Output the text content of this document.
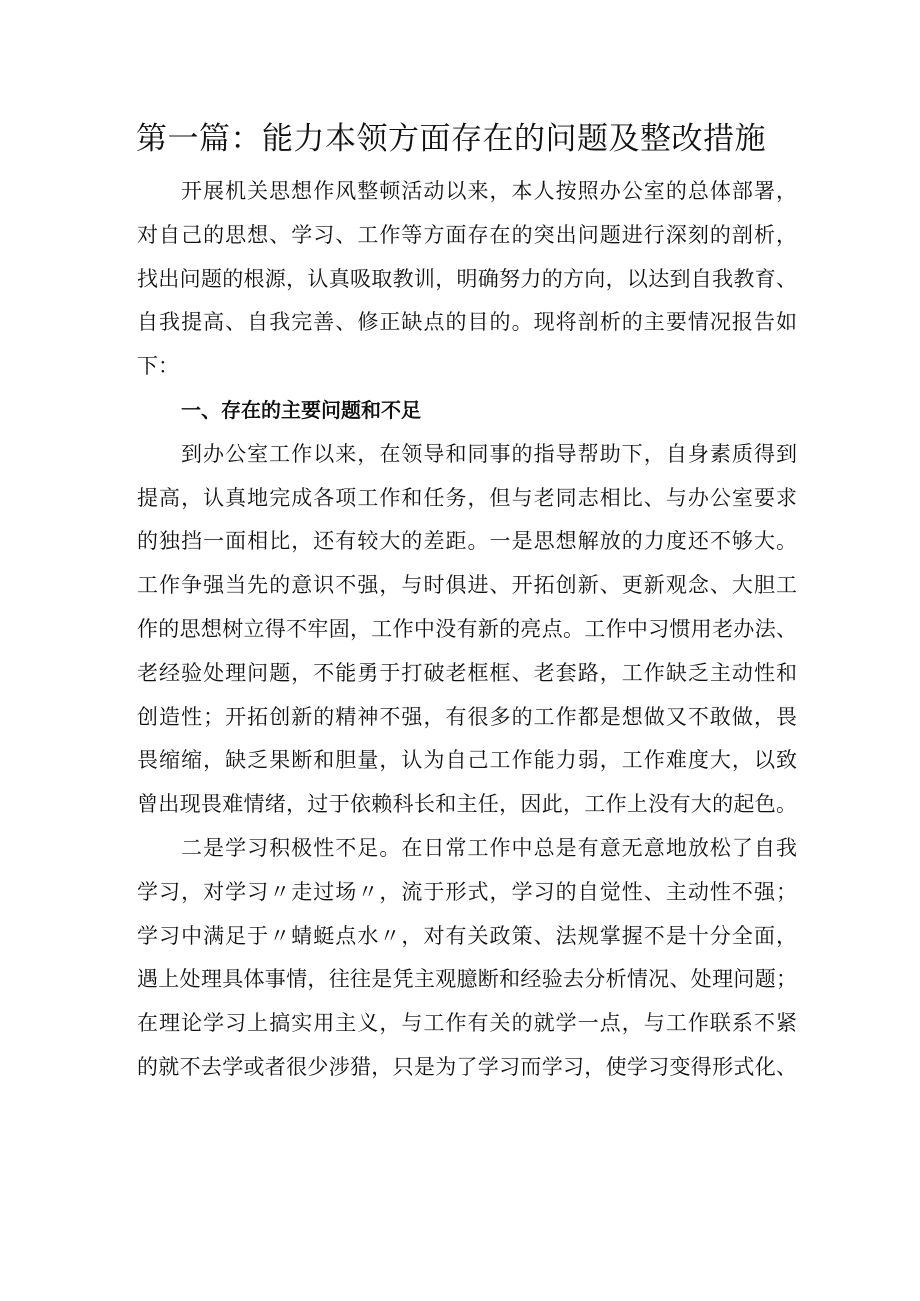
第一篇：能力本领方面存在的问题及整改措施
开展机关思想作风整顿活动以来，本人按照办公室的总体部署，
对自己的思想、学习、工作等方面存在的突出问题进行深刻的剖析，
找出问题的根源，认真吸取教训，明确努力的方向，以达到自我教育、
自我提高、自我完善、修正缺点的目的。现将剖析的主要情况报告如
下：
一、存在的主要问题和不足
到办公室工作以来，在领导和同事的指导帮助下，自身素质得到
提高，认真地完成各项工作和任务，但与老同志相比、与办公室要求
的独挡一面相比，还有较大的差距。一是思想解放的力度还不够大。
工作争强当先的意识不强，与时俱进、开拓创新、更新观念、大胆工
作的思想树立得不牢固，工作中没有新的亮点。工作中习惯用老办法、
老经验处理问题，不能勇于打破老框框、老套路，工作缺乏主动性和
创造性；开拓创新的精神不强，有很多的工作都是想做又不敢做，畏
畏缩缩，缺乏果断和胆量，认为自己工作能力弱，工作难度大，以致
曾出现畏难情绪，过于依赖科长和主任，因此，工作上没有大的起色。
二是学习积极性不足。在日常工作中总是有意无意地放松了自我
学习，对学习〃走过场〃，流于形式，学习的自觉性、主动性不强；
学习中满足于〃蜻蜓点水〃，对有关政策、法规掌握不是十分全面，
遇上处理具体事情，往往是凭主观臆断和经验去分析情况、处理问题；
在理论学习上搞实用主义，与工作有关的就学一点，与工作联系不紧
的就不去学或者很少涉猎，只是为了学习而学习，使学习变得形式化、
